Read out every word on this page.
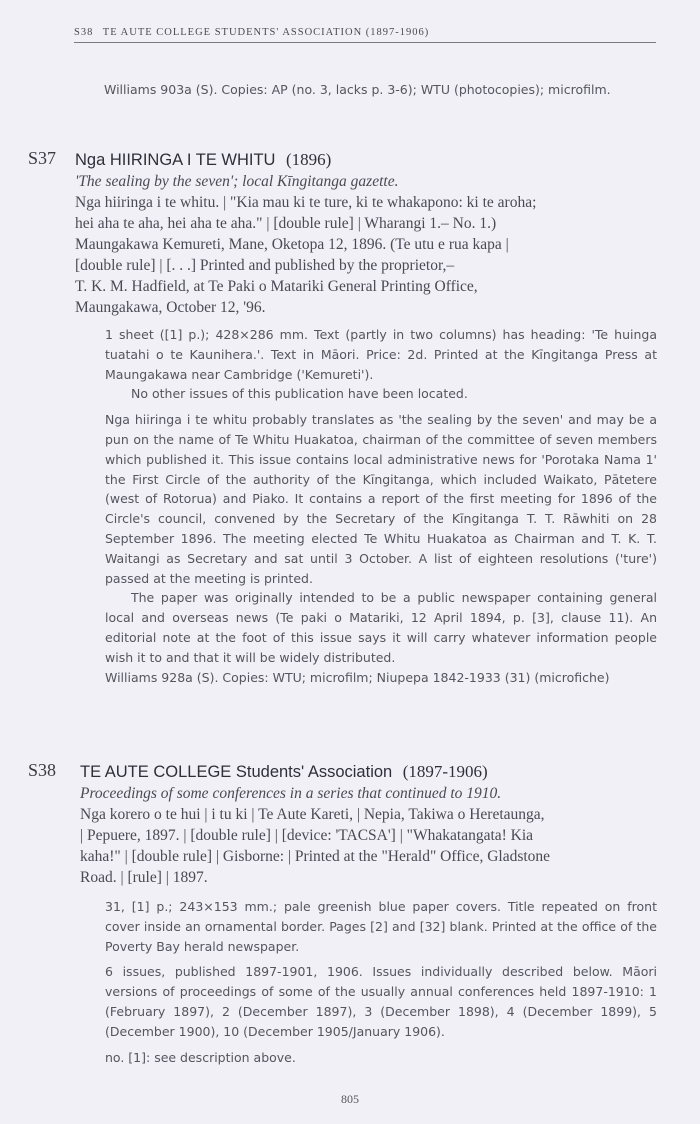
S38 TE AUTE COLLEGE STUDENTS' ASSOCIATION (1897-1906)
Williams 903a (S). Copies: AP (no. 3, lacks p. 3-6); WTU (photocopies); microfilm.
S37 Nga HIIRINGA I TE WHITU (1896)
'The sealing by the seven'; local Kīngitanga gazette.
Nga hiiringa i te whitu. | "Kia mau ki te ture, ki te whakapono: ki te aroha;
hei aha te aha, hei aha te aha." | [double rule] | Wharangi 1.– No. 1.)
Maungakawa Kemureti, Mane, Oketopa 12, 1896. (Te utu e rua kapa |
[double rule] | [. . .] Printed and published by the proprietor,–
T. K. M. Hadfield, at Te Paki o Matariki General Printing Office,
Maungakawa, October 12, '96.

1 sheet ([1] p.); 428×286 mm. Text (partly in two columns) has heading: 'Te huinga tuatahi o te Kaunihera.'. Text in Māori. Price: 2d. Printed at the Kīngitanga Press at Maungakawa near Cambridge ('Kemureti').

No other issues of this publication have been located.

Nga hiiringa i te whitu probably translates as 'the sealing by the seven' and may be a pun on the name of Te Whitu Huakatoa, chairman of the committee of seven members which published it. This issue contains local administrative news for 'Porotaka Nama 1' the First Circle of the authority of the Kīngitanga, which included Waikato, Pātetere (west of Rotorua) and Piako. It contains a report of the first meeting for 1896 of the Circle's council, convened by the Secretary of the Kīngitanga T. T. Rāwhiti on 28 September 1896. The meeting elected Te Whitu Huakatoa as Chairman and T. K. T. Waitangi as Secretary and sat until 3 October. A list of eighteen resolutions ('ture') passed at the meeting is printed.

The paper was originally intended to be a public newspaper containing general local and overseas news (Te paki o Matariki, 12 April 1894, p. [3], clause 11). An editorial note at the foot of this issue says it will carry whatever information people wish it to and that it will be widely distributed.

Williams 928a (S). Copies: WTU; microfilm; Niupepa 1842-1933 (31) (microfiche)

S38 TE AUTE COLLEGE Students' Association (1897-1906)
Proceedings of some conferences in a series that continued to 1910.
Nga korero o te hui | i tu ki | Te Aute Kareti, | Nepia, Takiwa o Heretaunga,
| Pepuere, 1897. | [double rule] | [device: 'TACSA'] | "Whakatangata! Kia
kaha!" | [double rule] | Gisborne: | Printed at the "Herald" Office, Gladstone
Road. | [rule] | 1897.

31, [1] p.; 243×153 mm.; pale greenish blue paper covers. Title repeated on front cover inside an ornamental border. Pages [2] and [32] blank. Printed at the office of the Poverty Bay herald newspaper.

6 issues, published 1897-1901, 1906. Issues individually described below. Māori versions of proceedings of some of the usually annual conferences held 1897-1910: 1 (February 1897), 2 (December 1897), 3 (December 1898), 4 (December 1899), 5 (December 1900), 10 (December 1905/January 1906).

no. [1]: see description above.

805
